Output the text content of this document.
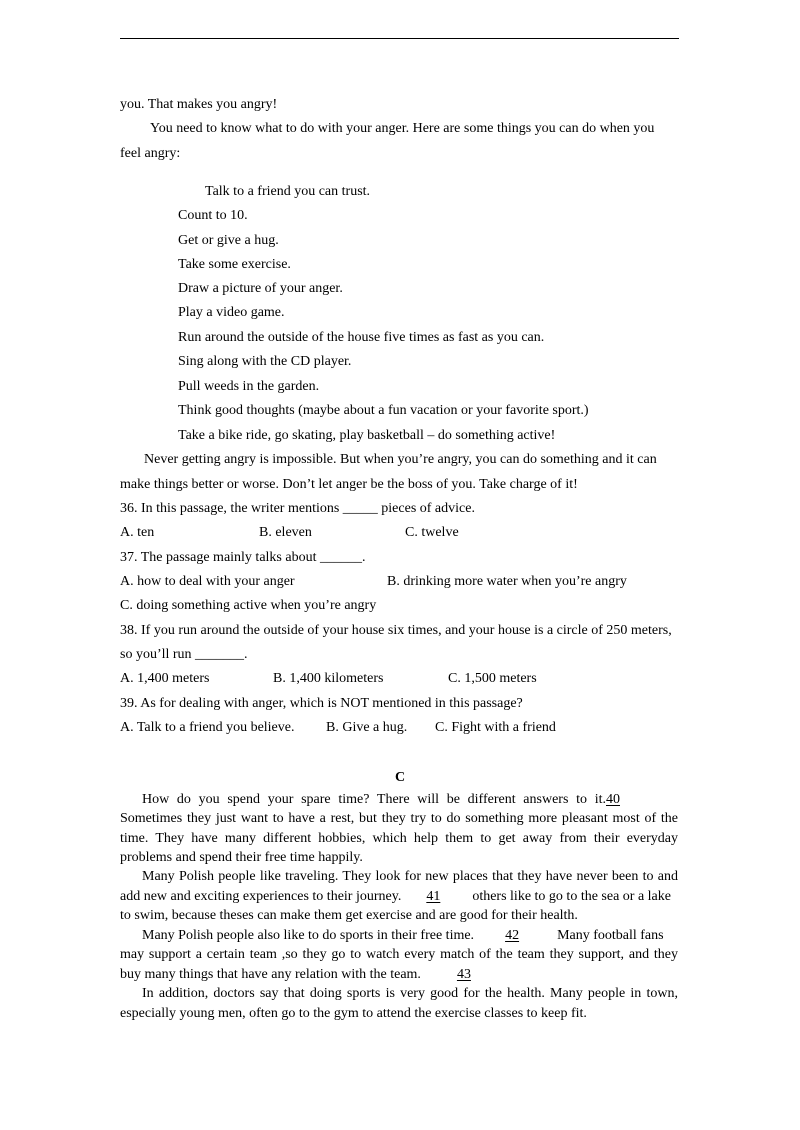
you. That makes you angry!
You need to know what to do with your anger. Here are some things you can do when you
feel angry:
Talk to a friend you can trust.
Count to 10.
Get or give a hug.
Take some exercise.
Draw a picture of your anger.
Play a video game.
Run around the outside of the house five times as fast as you can.
Sing along with the CD player.
Pull weeds in the garden.
Think good thoughts (maybe about a fun vacation or your favorite sport.)
Take a bike ride, go skating, play basketball – do something active!
Never getting angry is impossible. But when you’re angry, you can do something and it can
make things better or worse. Don’t let anger be the boss of you. Take charge of it!
36. In this passage, the writer mentions _____ pieces of advice.
A. ten	B. eleven	C. twelve
37. The passage mainly talks about ______.
A. how to deal with your anger	B. drinking more water when you’re angry
C. doing something active when you’re angry
38. If you run around the outside of your house six times, and your house is a circle of 250 meters,
so you’ll run _______.
A. 1,400 meters	B. 1,400 kilometers	C. 1,500 meters
39. As for dealing with anger, which is NOT mentioned in this passage?
A. Talk to a friend you believe. B. Give a hug. C. Fight with a friend
C
How do you spend your spare time? There will be different answers to it.40
Sometimes they just want to have a rest, but they try to do something more pleasant most of the
time. They have many different hobbies, which help them to get away from their everyday
problems and spend their free time happily.
Many Polish people like traveling. They look for new places that they have never been to and
add new and exciting experiences to their journey. 41 others like to go to the sea or a lake
to swim, because theses can make them get exercise and are good for their health.
Many Polish people also like to do sports in their free time. 42	Many football fans
may support a certain team ,so they go to watch every match of the team they support, and they
buy many things that have any relation with the team.	43
In addition, doctors say that doing sports is very good for the health. Many people in town,
especially young men, often go to the gym to attend the exercise classes to keep fit.
